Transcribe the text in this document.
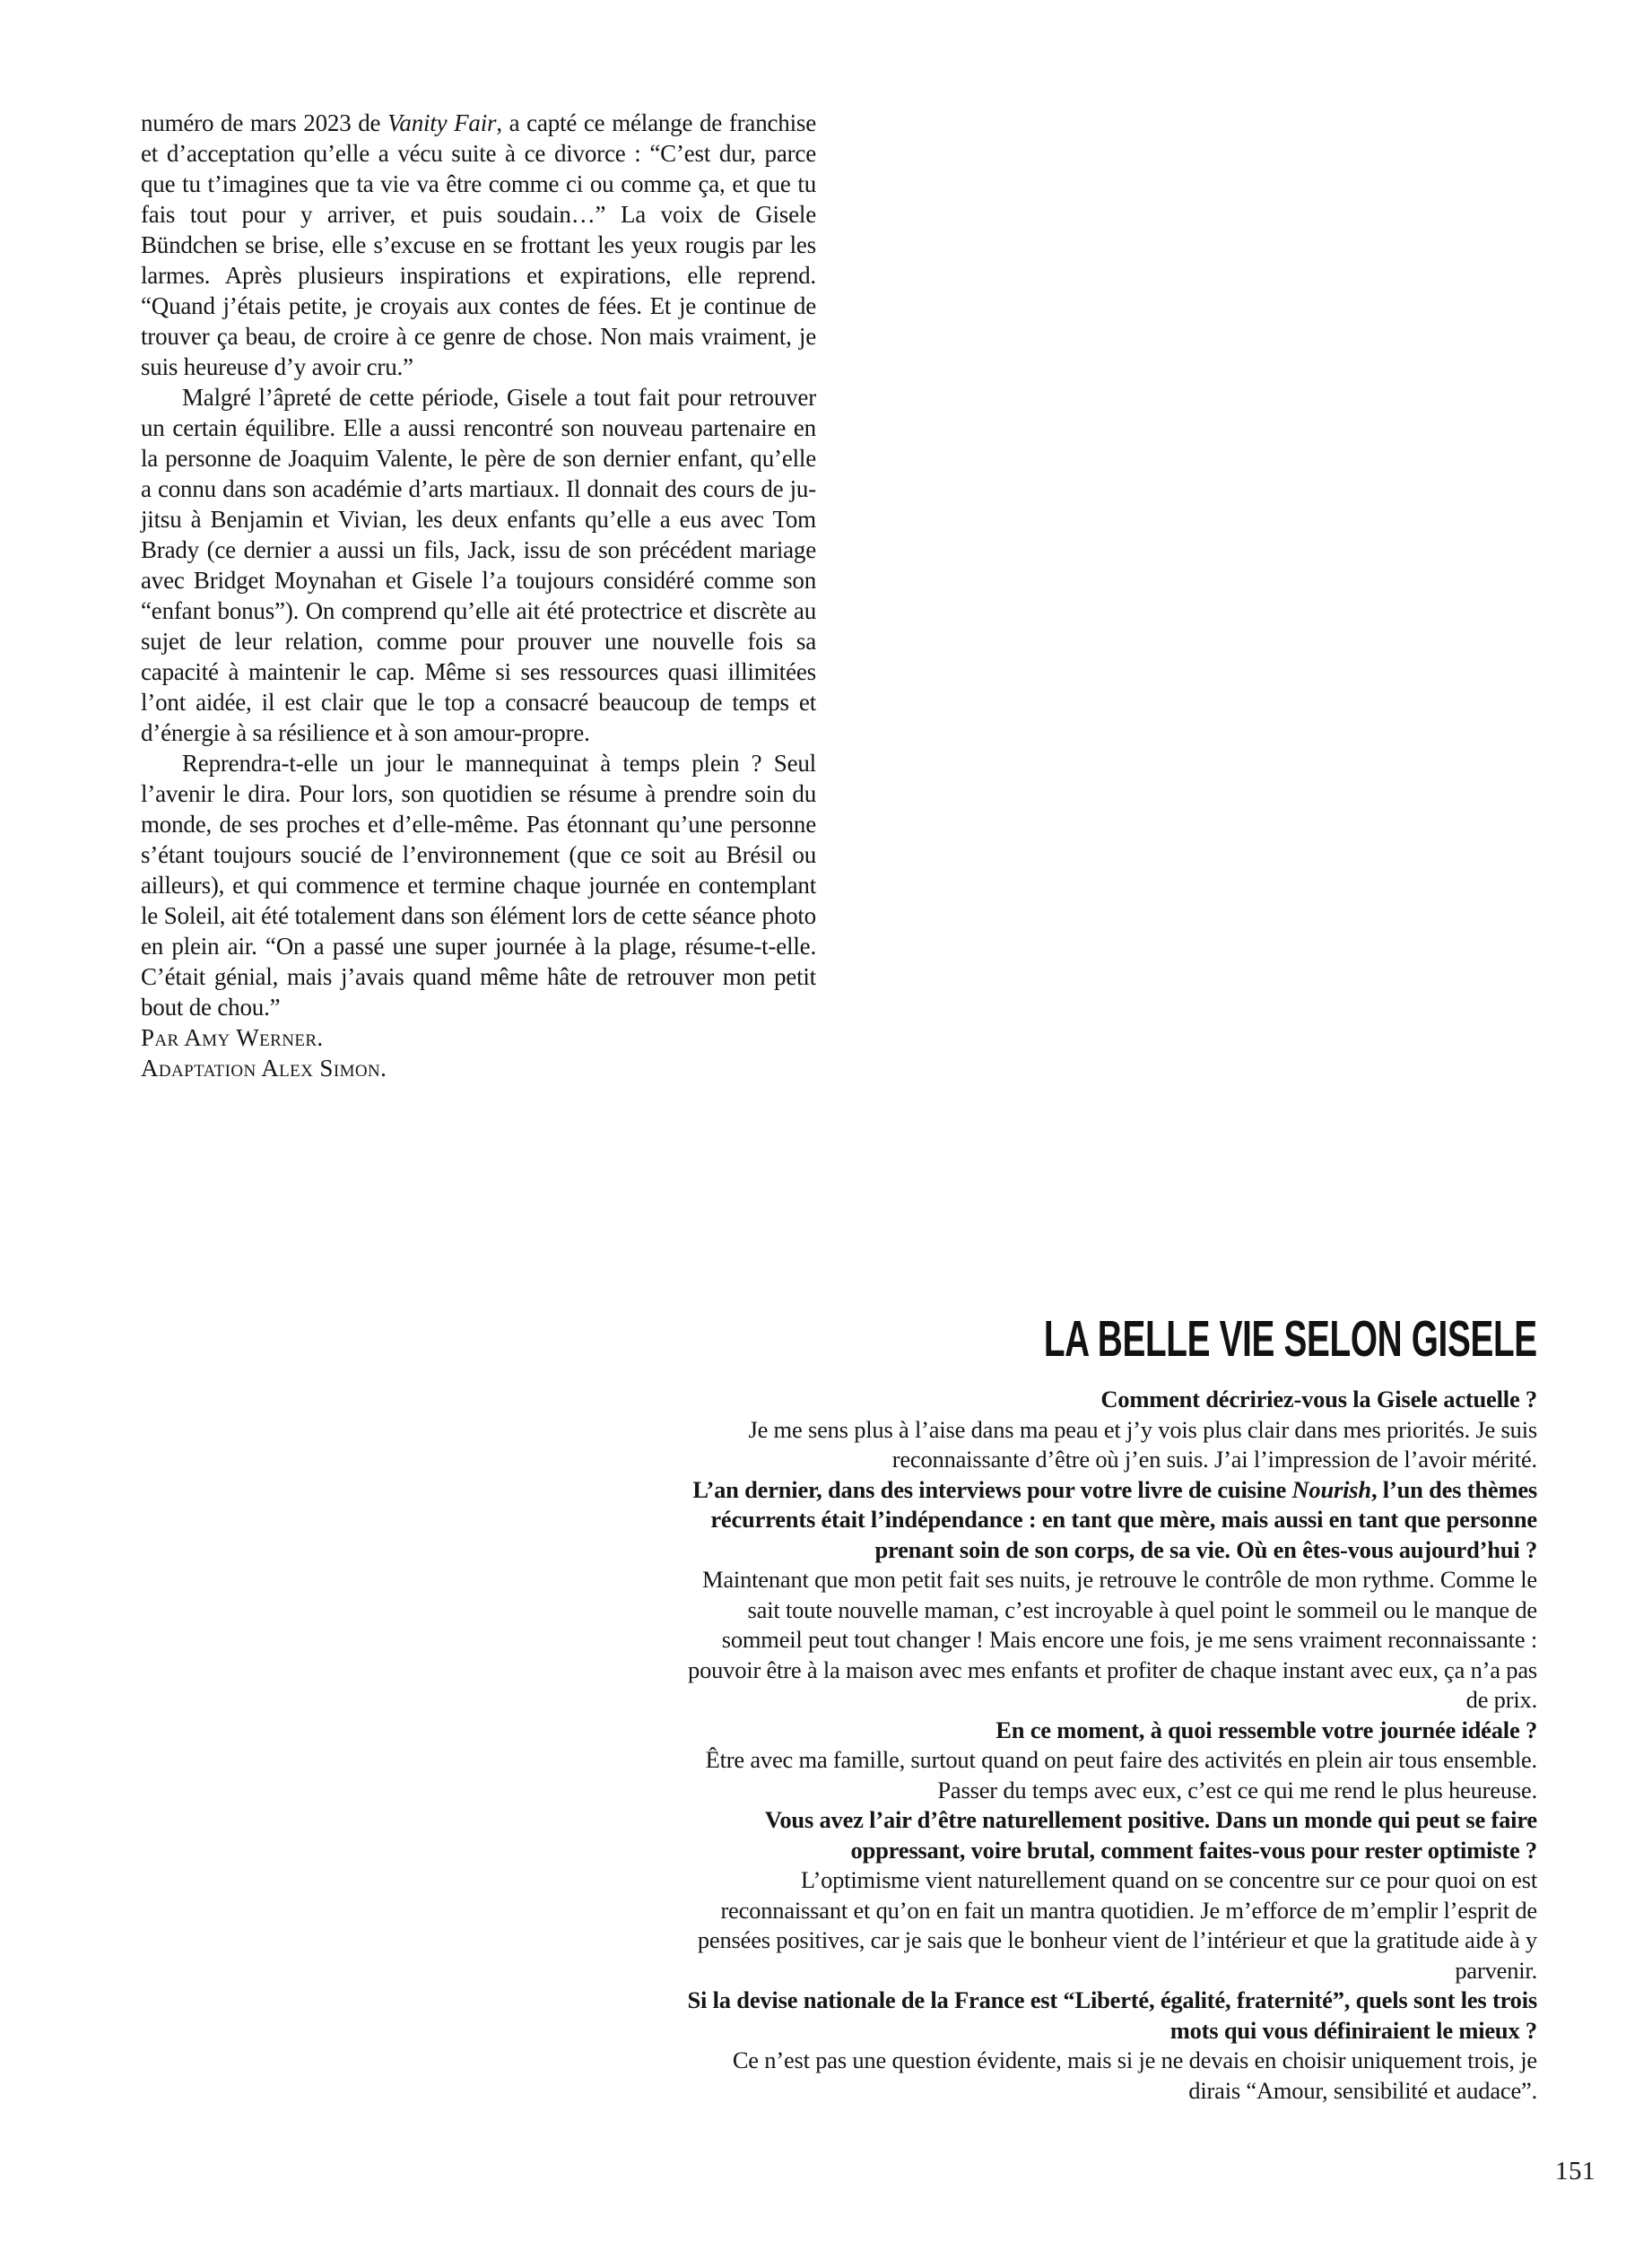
numéro de mars 2023 de Vanity Fair, a capté ce mélange de franchise et d’acceptation qu’elle a vécu suite à ce divorce : “C’est dur, parce que tu t’imagines que ta vie va être comme ci ou comme ça, et que tu fais tout pour y arriver, et puis soudain…” La voix de Gisele Bündchen se brise, elle s’excuse en se frottant les yeux rougis par les larmes. Après plusieurs inspirations et expirations, elle reprend. “Quand j’étais petite, je croyais aux contes de fées. Et je continue de trouver ça beau, de croire à ce genre de chose. Non mais vraiment, je suis heureuse d’y avoir cru.”

Malgré l’âpreté de cette période, Gisele a tout fait pour retrouver un certain équilibre. Elle a aussi rencontré son nouveau partenaire en la personne de Joaquim Valente, le père de son dernier enfant, qu’elle a connu dans son académie d’arts martiaux. Il donnait des cours de ju-jitsu à Benjamin et Vivian, les deux enfants qu’elle a eus avec Tom Brady (ce dernier a aussi un fils, Jack, issu de son précédent mariage avec Bridget Moynahan et Gisele l’a toujours considéré comme son “enfant bonus”). On comprend qu’elle ait été protectrice et discrète au sujet de leur relation, comme pour prouver une nouvelle fois sa capacité à maintenir le cap. Même si ses ressources quasi illimitées l’ont aidée, il est clair que le top a consacré beaucoup de temps et d’énergie à sa résilience et à son amour-propre.

Reprendra-t-elle un jour le mannequinat à temps plein ? Seul l’avenir le dira. Pour lors, son quotidien se résume à prendre soin du monde, de ses proches et d’elle-même. Pas étonnant qu’une personne s’étant toujours soucié de l’environnement (que ce soit au Brésil ou ailleurs), et qui commence et termine chaque journée en contemplant le Soleil, ait été totalement dans son élément lors de cette séance photo en plein air. “On a passé une super journée à la plage, résume-t-elle. C’était génial, mais j’avais quand même hâte de retrouver mon petit bout de chou.”

Par Amy Werner.

Adaptation Alex Simon.

LA BELLE VIE SELON GISELE

Comment décririez-vous la Gisele actuelle ?

Je me sens plus à l’aise dans ma peau et j’y vois plus clair dans mes priorités. Je suis reconnaissante d’être où j’en suis. J’ai l’impression de l’avoir mérité.

L’an dernier, dans des interviews pour votre livre de cuisine Nourish, l’un des thèmes récurrents était l’indépendance : en tant que mère, mais aussi en tant que personne prenant soin de son corps, de sa vie. Où en êtes-vous aujourd’hui ?

Maintenant que mon petit fait ses nuits, je retrouve le contrôle de mon rythme. Comme le sait toute nouvelle maman, c’est incroyable à quel point le sommeil ou le manque de sommeil peut tout changer ! Mais encore une fois, je me sens vraiment reconnaissante : pouvoir être à la maison avec mes enfants et profiter de chaque instant avec eux, ça n’a pas de prix.

En ce moment, à quoi ressemble votre journée idéale ?

Être avec ma famille, surtout quand on peut faire des activités en plein air tous ensemble. Passer du temps avec eux, c’est ce qui me rend le plus heureuse.

Vous avez l’air d’être naturellement positive. Dans un monde qui peut se faire oppressant, voire brutal, comment faites-vous pour rester optimiste ?

L’optimisme vient naturellement quand on se concentre sur ce pour quoi on est reconnaissant et qu’on en fait un mantra quotidien. Je m’efforce de m’emplir l’esprit de pensées positives, car je sais que le bonheur vient de l’intérieur et que la gratitude aide à y parvenir.

Si la devise nationale de la France est “Liberté, égalité, fraternité”, quels sont les trois mots qui vous définiraient le mieux ?

Ce n’est pas une question évidente, mais si je ne devais en choisir uniquement trois, je dirais “Amour, sensibilité et audace”.

151
